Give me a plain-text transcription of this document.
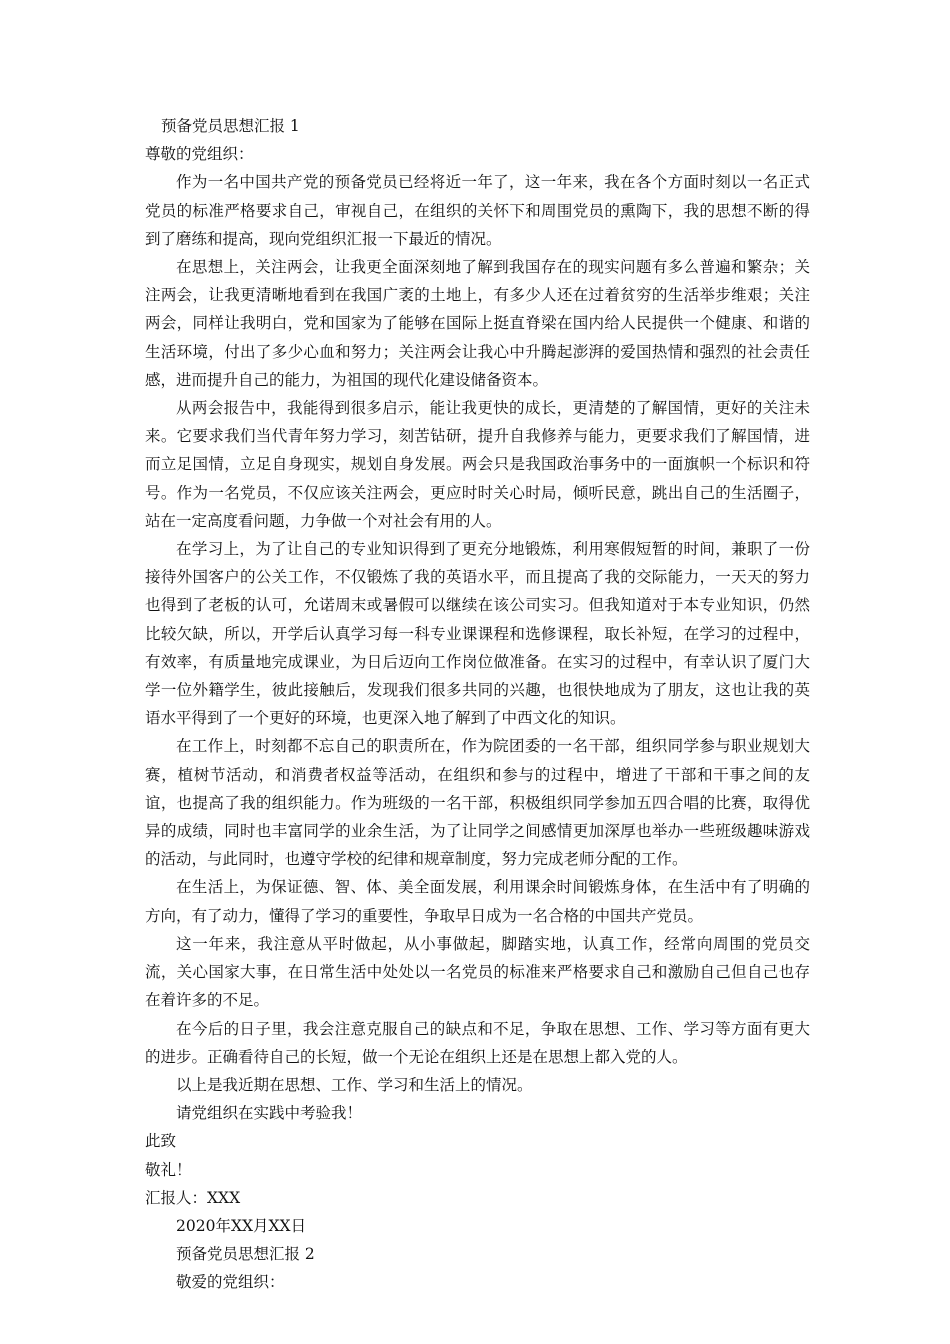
预备党员思想汇报 1
尊敬的党组织：
作为一名中国共产党的预备党员已经将近一年了，这一年来，我在各个方面时刻以一名正式党员的标准严格要求自己，审视自己，在组织的关怀下和周围党员的熏陶下，我的思想不断的得到了磨练和提高，现向党组织汇报一下最近的情况。
在思想上，关注两会，让我更全面深刻地了解到我国存在的现实问题有多么普遍和繁杂；关注两会，让我更清晰地看到在我国广袤的土地上，有多少人还在过着贫穷的生活举步维艰；关注两会，同样让我明白，党和国家为了能够在国际上挺直脊梁在国内给人民提供一个健康、和谐的生活环境，付出了多少心血和努力；关注两会让我心中升腾起澎湃的爱国热情和强烈的社会责任感，进而提升自己的能力，为祖国的现代化建设储备资本。
从两会报告中，我能得到很多启示，能让我更快的成长，更清楚的了解国情，更好的关注未来。它要求我们当代青年努力学习，刻苦钻研，提升自我修养与能力，更要求我们了解国情，进而立足国情，立足自身现实，规划自身发展。两会只是我国政治事务中的一面旗帜一个标识和符号。作为一名党员，不仅应该关注两会，更应时时关心时局，倾听民意，跳出自己的生活圈子，站在一定高度看问题，力争做一个对社会有用的人。
在学习上，为了让自己的专业知识得到了更充分地锻炼，利用寒假短暂的时间，兼职了一份接待外国客户的公关工作，不仅锻炼了我的英语水平，而且提高了我的交际能力，一天天的努力也得到了老板的认可，允诺周末或暑假可以继续在该公司实习。但我知道对于本专业知识，仍然比较欠缺，所以，开学后认真学习每一科专业课课程和选修课程，取长补短，在学习的过程中，有效率，有质量地完成课业，为日后迈向工作岗位做准备。在实习的过程中，有幸认识了厦门大学一位外籍学生，彼此接触后，发现我们很多共同的兴趣，也很快地成为了朋友，这也让我的英语水平得到了一个更好的环境，也更深入地了解到了中西文化的知识。
在工作上，时刻都不忘自己的职责所在，作为院团委的一名干部，组织同学参与职业规划大赛，植树节活动，和消费者权益等活动，在组织和参与的过程中，增进了干部和干事之间的友谊，也提高了我的组织能力。作为班级的一名干部，积极组织同学参加五四合唱的比赛，取得优异的成绩，同时也丰富同学的业余生活，为了让同学之间感情更加深厚也举办一些班级趣味游戏的活动，与此同时，也遵守学校的纪律和规章制度，努力完成老师分配的工作。
在生活上，为保证德、智、体、美全面发展，利用课余时间锻炼身体，在生活中有了明确的方向，有了动力，懂得了学习的重要性，争取早日成为一名合格的中国共产党员。
这一年来，我注意从平时做起，从小事做起，脚踏实地，认真工作，经常向周围的党员交流，关心国家大事，在日常生活中处处以一名党员的标准来严格要求自己和激励自己但自己也存在着许多的不足。
在今后的日子里，我会注意克服自己的缺点和不足，争取在思想、工作、学习等方面有更大的进步。正确看待自己的长短，做一个无论在组织上还是在思想上都入党的人。
以上是我近期在思想、工作、学习和生活上的情况。
请党组织在实践中考验我！
此致
敬礼！
汇报人：XXX
2020年XX月XX日
预备党员思想汇报 2
敬爱的党组织：
